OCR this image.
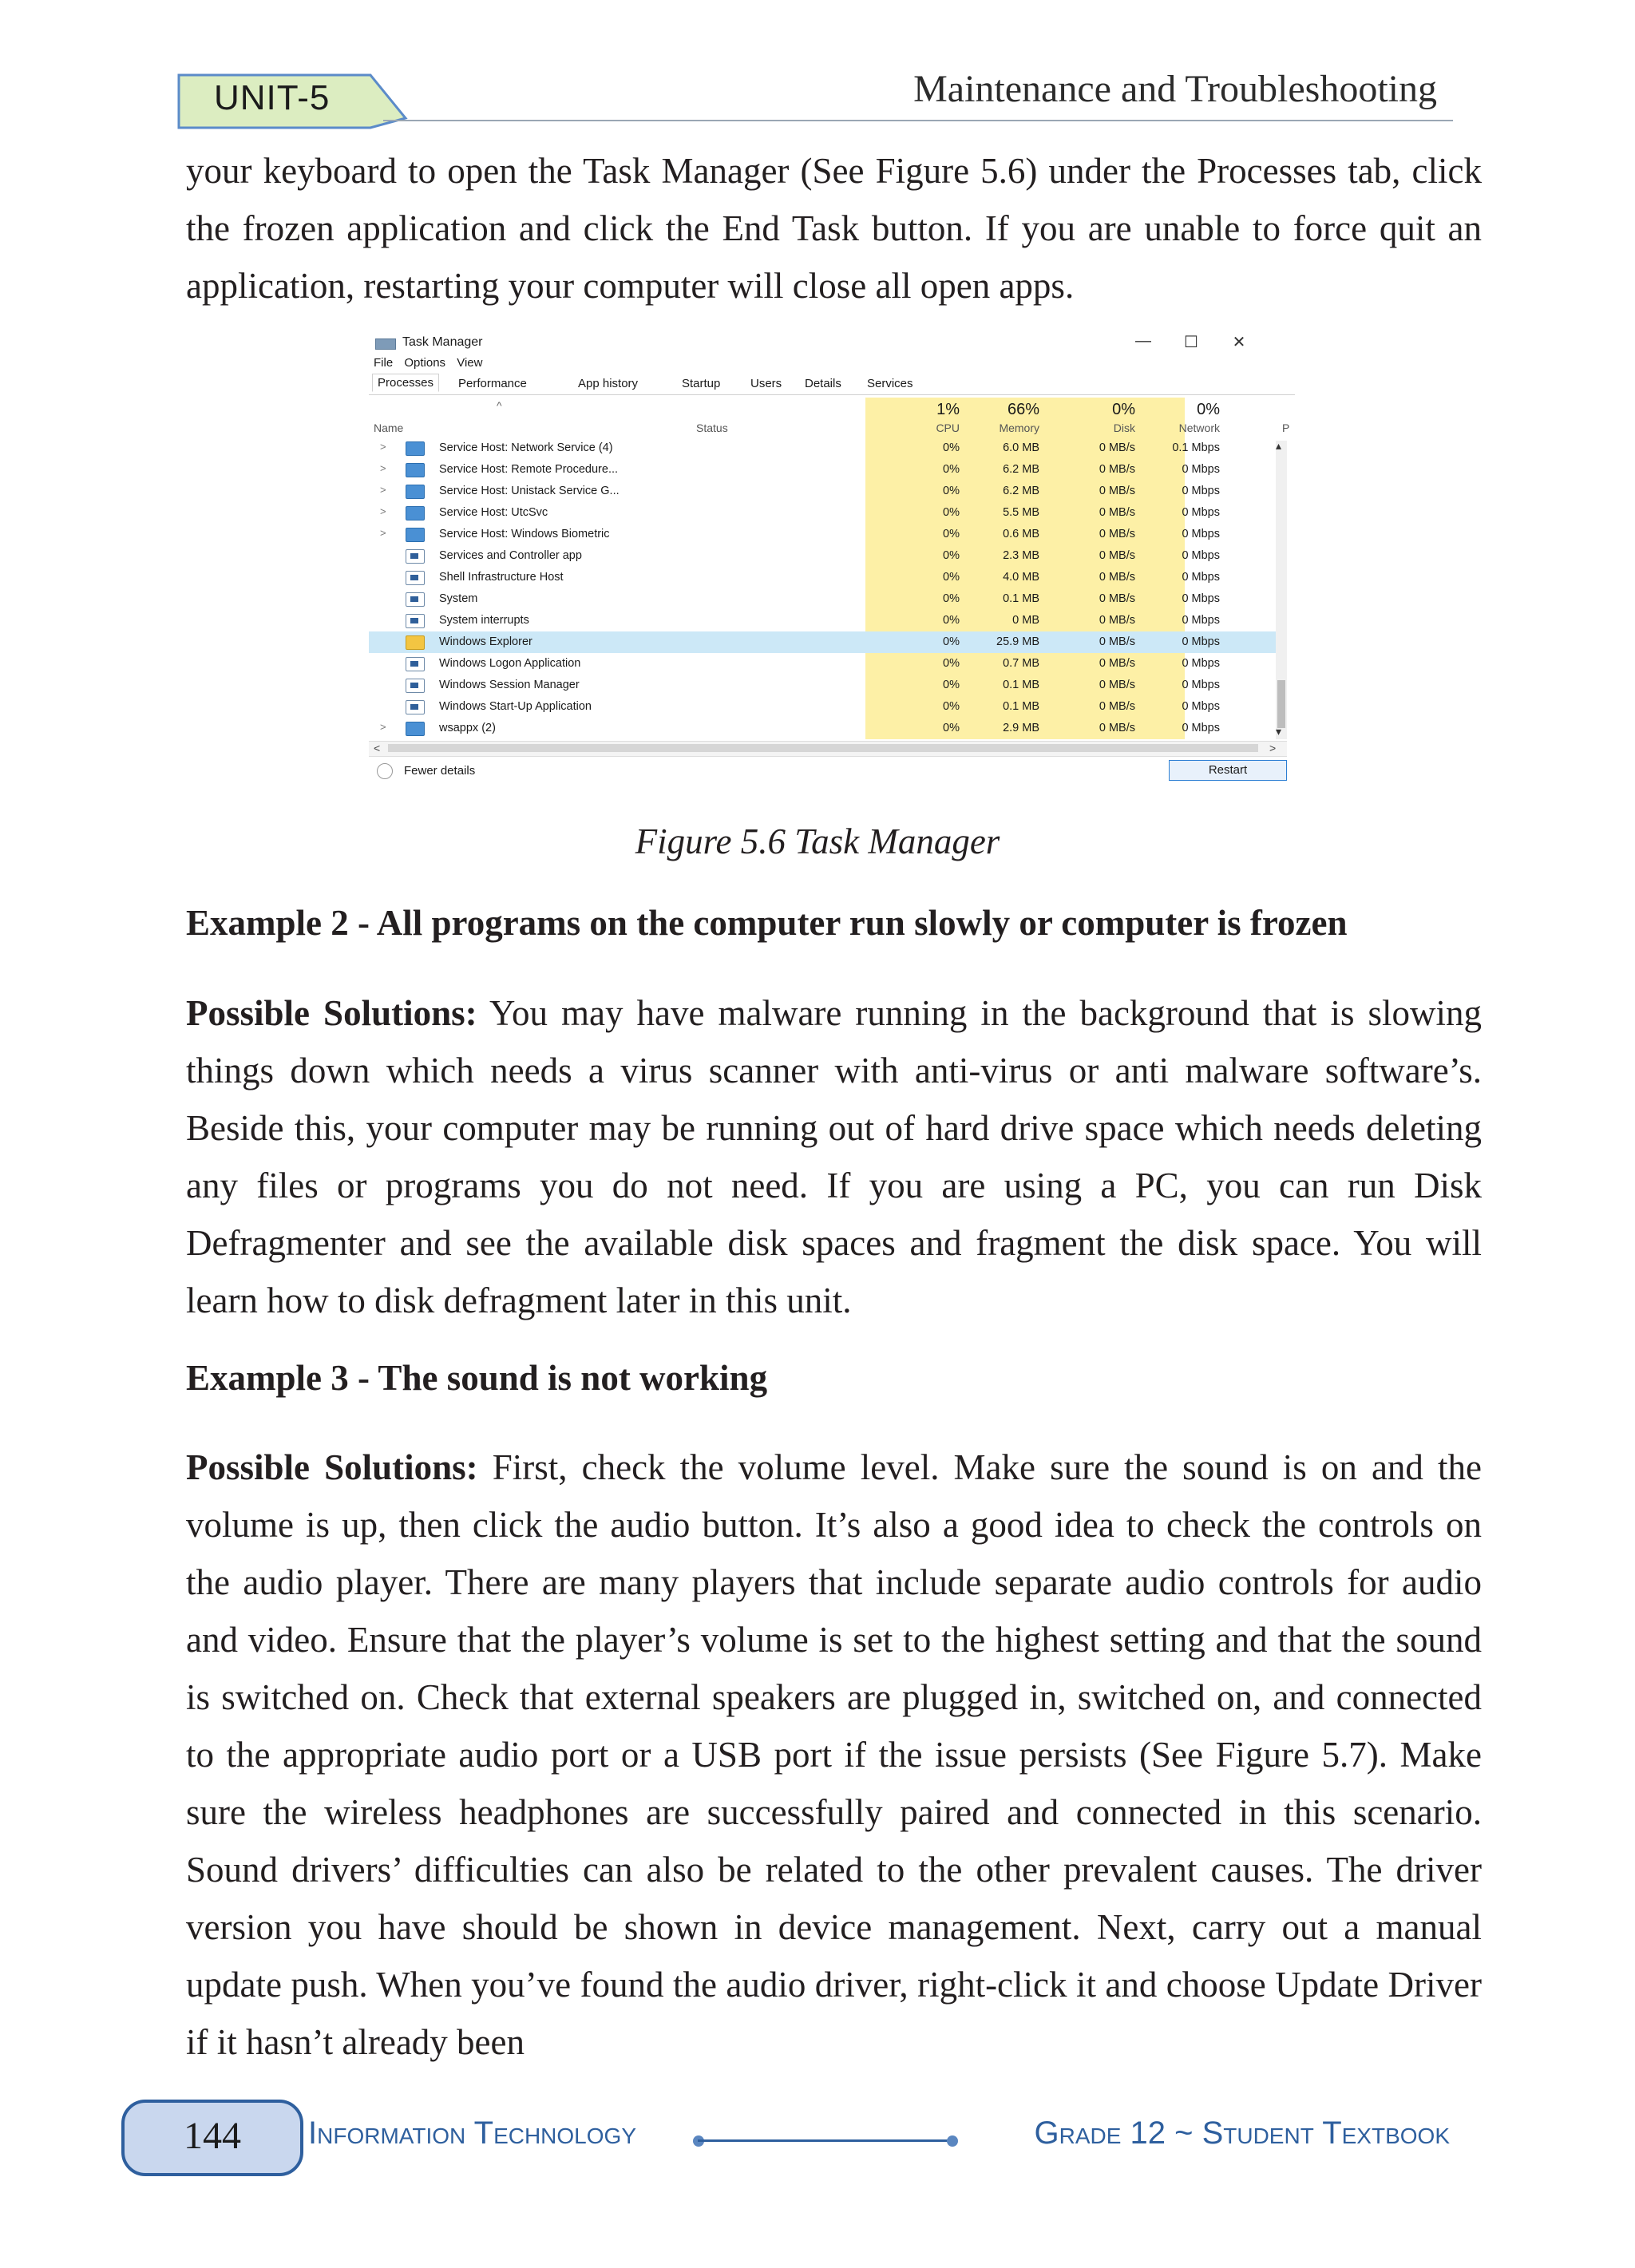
UNIT-5	Maintenance and Troubleshooting
your keyboard to open the Task Manager (See Figure 5.6) under the Processes tab, click the frozen application and click the End Task button. If you are unable to force quit an application, restarting your computer will close all open apps.
Task Manager	—	☐	✕
File Options View
Processes	Performance	App history	Startup	Users Details Services
^	1%	66%	0%	0%
Name	Status	CPU	Memory	Disk	Network	P
>	Service Host: Network Service (4)	0%	6.0 MB	0 MB/s	0.1 Mbps
>	Service Host: Remote Procedure...	0%	6.2 MB	0 MB/s	0 Mbps
>	Service Host: Unistack Service G...	0%	6.2 MB	0 MB/s	0 Mbps
>	Service Host: UtcSvc	0%	5.5 MB	0 MB/s	0 Mbps
>	Service Host: Windows Biometric	0%	0.6 MB	0 MB/s	0 Mbps
Services and Controller app	0%	2.3 MB	0 MB/s	0 Mbps
Shell Infrastructure Host	0%	4.0 MB	0 MB/s	0 Mbps
System	0%	0.1 MB	0 MB/s	0 Mbps
System interrupts	0%	0 MB	0 MB/s	0 Mbps
Windows Explorer	0%	25.9 MB	0 MB/s	0 Mbps
Windows Logon Application	0%	0.7 MB	0 MB/s	0 Mbps
Windows Session Manager	0%	0.1 MB	0 MB/s	0 Mbps
Windows Start-Up Application	0%	0.1 MB	0 MB/s	0 Mbps
>	wsappx (2)	0%	2.9 MB	0 MB/s	0 Mbps
▴
▾
<	>
Fewer details	Restart
Figure 5.6 Task Manager
Example 2 - All programs on the computer run slowly or computer is frozen
Possible Solutions: You may have malware running in the background that is slowing things down which needs a virus scanner with anti-virus or anti malware software’s. Beside this, your computer may be running out of hard drive space which needs deleting any files or programs you do not need. If you are using a PC, you can run Disk Defragmenter and see the available disk spaces and fragment the disk space. You will learn how to disk defragment later in this unit.
Example 3 - The sound is not working
Possible Solutions: First, check the volume level. Make sure the sound is on and the volume is up, then click the audio button. It’s also a good idea to check the controls on the audio player. There are many players that include separate audio controls for audio and video. Ensure that the player’s volume is set to the highest setting and that the sound is switched on. Check that external speakers are plugged in, switched on, and connected to the appropriate audio port or a USB port if the issue persists (See Figure 5.7). Make sure the wireless headphones are successfully paired and connected in this scenario. Sound drivers’ difficulties can also be related to the other prevalent causes. The driver version you have should be shown in device management. Next, carry out a manual update push. When you’ve found the audio driver, right-click it and choose Update Driver if it hasn’t already been
144	Information Technology	Grade 12 ~ Student Textbook
